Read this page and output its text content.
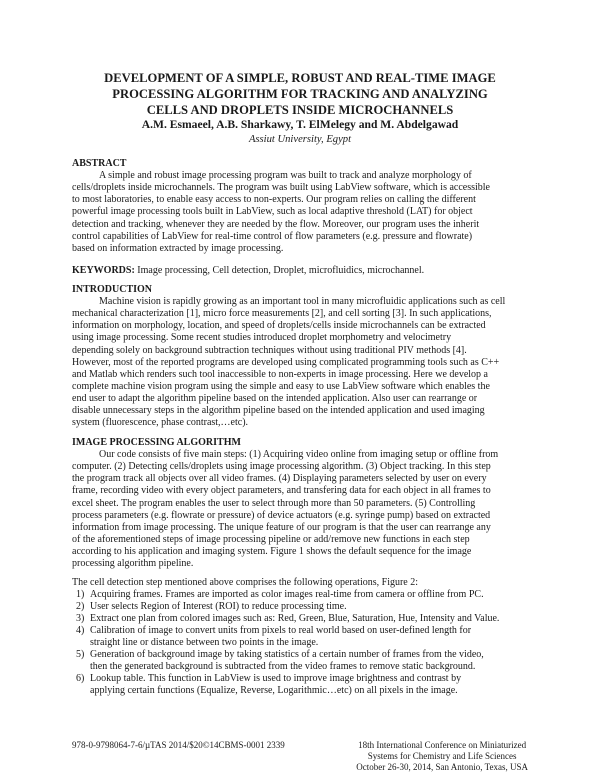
DEVELOPMENT OF A SIMPLE, ROBUST AND REAL-TIME IMAGE
PROCESSING ALGORITHM FOR TRACKING AND ANALYZING
CELLS AND DROPLETS INSIDE MICROCHANNELS
A.M. Esmaeel, A.B. Sharkawy, T. ElMelegy and M. Abdelgawad
Assiut University, Egypt
ABSTRACT
A simple and robust image processing program was built to track and analyze morphology of
cells/droplets inside microchannels. The program was built using LabView software, which is accessible
to most laboratories, to enable easy access to non-experts. Our program relies on calling the different
powerful image processing tools built in LabView, such as local adaptive threshold (LAT) for object
detection and tracking, whenever they are needed by the flow. Moreover, our program uses the inherit
control capabilities of LabView for real-time control of flow parameters (e.g. pressure and flowrate)
based on information extracted by image processing.
KEYWORDS: Image processing, Cell detection, Droplet, microfluidics, microchannel.
INTRODUCTION
Machine vision is rapidly growing as an important tool in many microfluidic applications such as cell
mechanical characterization [1], micro force measurements [2], and cell sorting [3]. In such applications,
information on morphology, location, and speed of droplets/cells inside microchannels can be extracted
using image processing. Some recent studies introduced droplet morphometry and velocimetry
depending solely on background subtraction techniques without using traditional PIV methods [4].
However, most of the reported programs are developed using complicated programming tools such as C++
and Matlab which renders such tool inaccessible to non-experts in image processing. Here we develop a
complete machine vision program using the simple and easy to use LabView software which enables the
end user to adapt the algorithm pipeline based on the intended application. Also user can rearrange or
disable unnecessary steps in the algorithm pipeline based on the intended application and used imaging
system (fluorescence, phase contrast,…etc).
IMAGE PROCESSING ALGORITHM
Our code consists of five main steps: (1) Acquiring video online from imaging setup or offline from
computer. (2) Detecting cells/droplets using image processing algorithm. (3) Object tracking. In this step
the program track all objects over all video frames. (4) Displaying parameters selected by user on every
frame, recording video with every object parameters, and transfering data for each object in all frames to
excel sheet. The program enables the user to select through more than 50 parameters. (5) Controlling
process parameters (e.g. flowrate or pressure) of device actuators (e.g. syringe pump) based on extracted
information from image processing. The unique feature of our program is that the user can rearrange any
of the aforementioned steps of image processing pipeline or add/remove new functions in each step
according to his application and imaging system. Figure 1 shows the default sequence for the image
processing algorithm pipeline.
The cell detection step mentioned above comprises the following operations, Figure 2:
1) Acquiring frames. Frames are imported as color images real-time from camera or offline from PC.
2) User selects Region of Interest (ROI) to reduce processing time.
3) Extract one plan from colored images such as: Red, Green, Blue, Saturation, Hue, Intensity and Value.
4) Calibration of image to convert units from pixels to real world based on user-defined length for
straight line or distance between two points in the image.
5) Generation of background image by taking statistics of a certain number of frames from the video,
then the generated background is subtracted from the video frames to remove static background.
6) Lookup table. This function in LabView is used to improve image brightness and contrast by
applying certain functions (Equalize, Reverse, Logarithmic…etc) on all pixels in the image.
978-0-9798064-7-6/µTAS 2014/$20©14CBMS-0001 2339	18th International Conference on Miniaturized
Systems for Chemistry and Life Sciences
October 26-30, 2014, San Antonio, Texas, USA
